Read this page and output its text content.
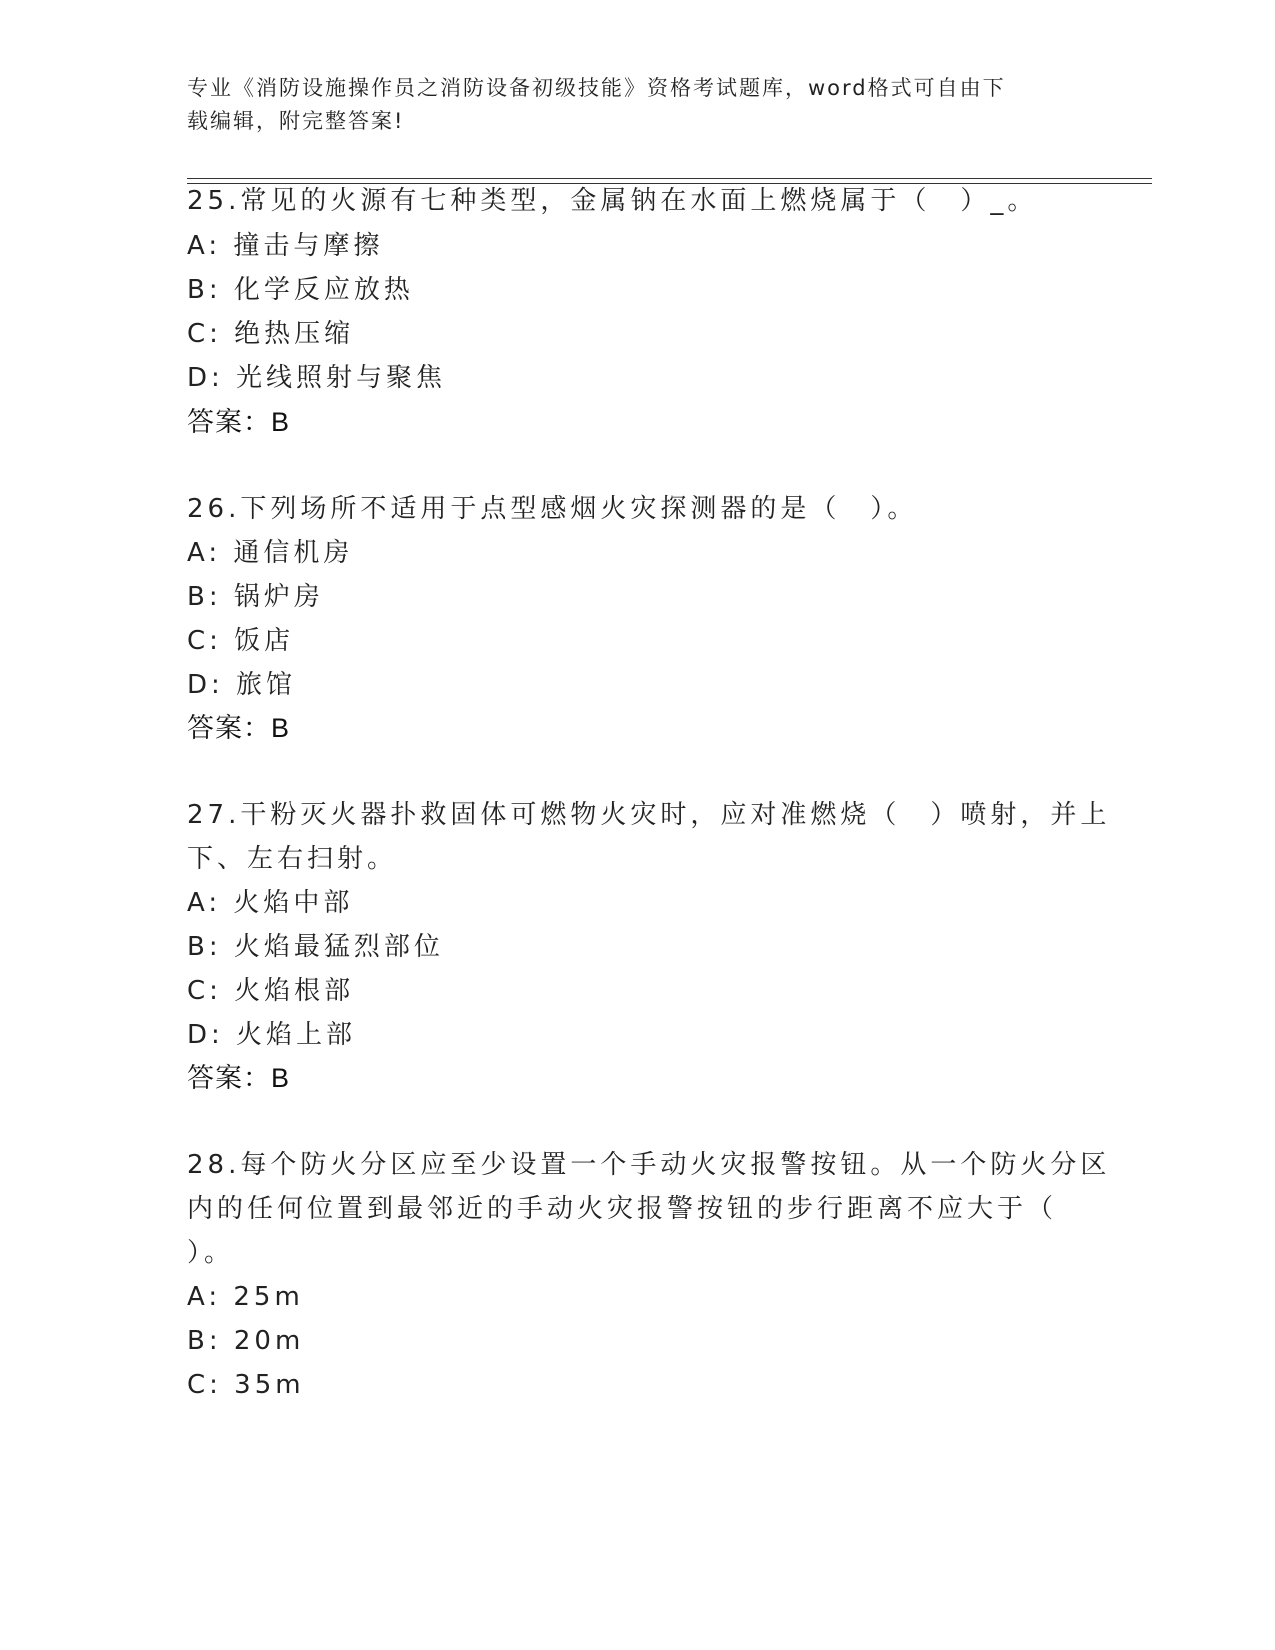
专业《消防设施操作员之消防设备初级技能》资格考试题库，word格式可自由下
载编辑，附完整答案!
25.常见的火源有七种类型，金属钠在水面上燃烧属于（　）_。
A: 撞击与摩擦
B: 化学反应放热
C: 绝热压缩
D: 光线照射与聚焦
答案：B
26.下列场所不适用于点型感烟火灾探测器的是（　）。
A: 通信机房
B: 锅炉房
C: 饭店
D: 旅馆
答案：B
27.干粉灭火器扑救固体可燃物火灾时，应对准燃烧（　）喷射，并上
下、左右扫射。
A: 火焰中部
B: 火焰最猛烈部位
C: 火焰根部
D: 火焰上部
答案：B
28.每个防火分区应至少设置一个手动火灾报警按钮。从一个防火分区
内的任何位置到最邻近的手动火灾报警按钮的步行距离不应大于（
）。
A: 25m
B: 20m
C: 35m
